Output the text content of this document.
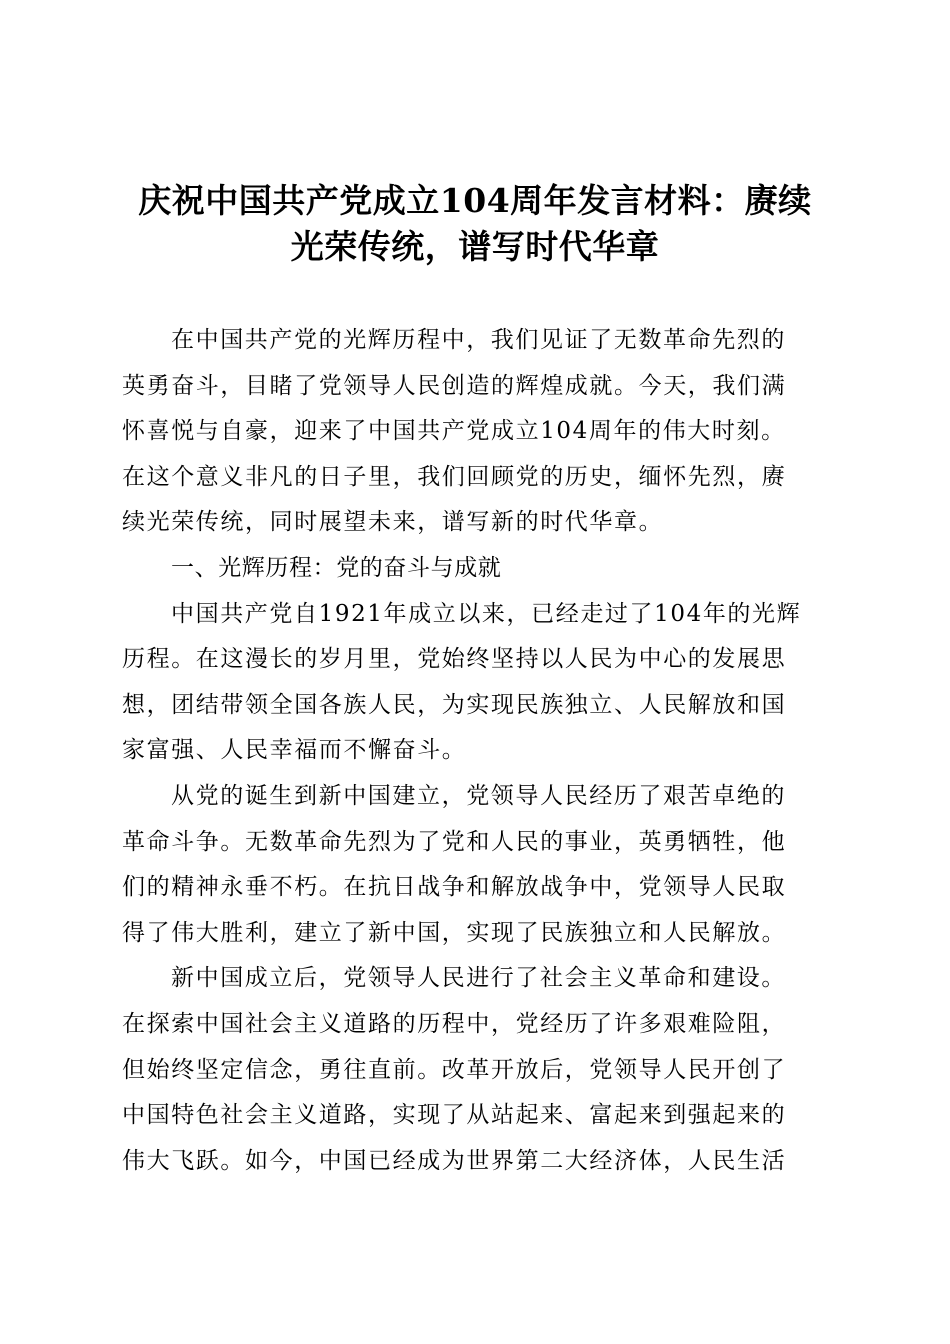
庆祝中国共产党成立104周年发言材料：赓续
光荣传统，谱写时代华章
在中国共产党的光辉历程中，我们见证了无数革命先烈的
英勇奋斗，目睹了党领导人民创造的辉煌成就。今天，我们满
怀喜悦与自豪，迎来了中国共产党成立104周年的伟大时刻。
在这个意义非凡的日子里，我们回顾党的历史，缅怀先烈，赓
续光荣传统，同时展望未来，谱写新的时代华章。
一、光辉历程：党的奋斗与成就
中国共产党自1921年成立以来，已经走过了104年的光辉
历程。在这漫长的岁月里，党始终坚持以人民为中心的发展思
想，团结带领全国各族人民，为实现民族独立、人民解放和国
家富强、人民幸福而不懈奋斗。
从党的诞生到新中国建立，党领导人民经历了艰苦卓绝的
革命斗争。无数革命先烈为了党和人民的事业，英勇牺牲，他
们的精神永垂不朽。在抗日战争和解放战争中，党领导人民取
得了伟大胜利，建立了新中国，实现了民族独立和人民解放。
新中国成立后，党领导人民进行了社会主义革命和建设。
在探索中国社会主义道路的历程中，党经历了许多艰难险阻，
但始终坚定信念，勇往直前。改革开放后，党领导人民开创了
中国特色社会主义道路，实现了从站起来、富起来到强起来的
伟大飞跃。如今，中国已经成为世界第二大经济体，人民生活
